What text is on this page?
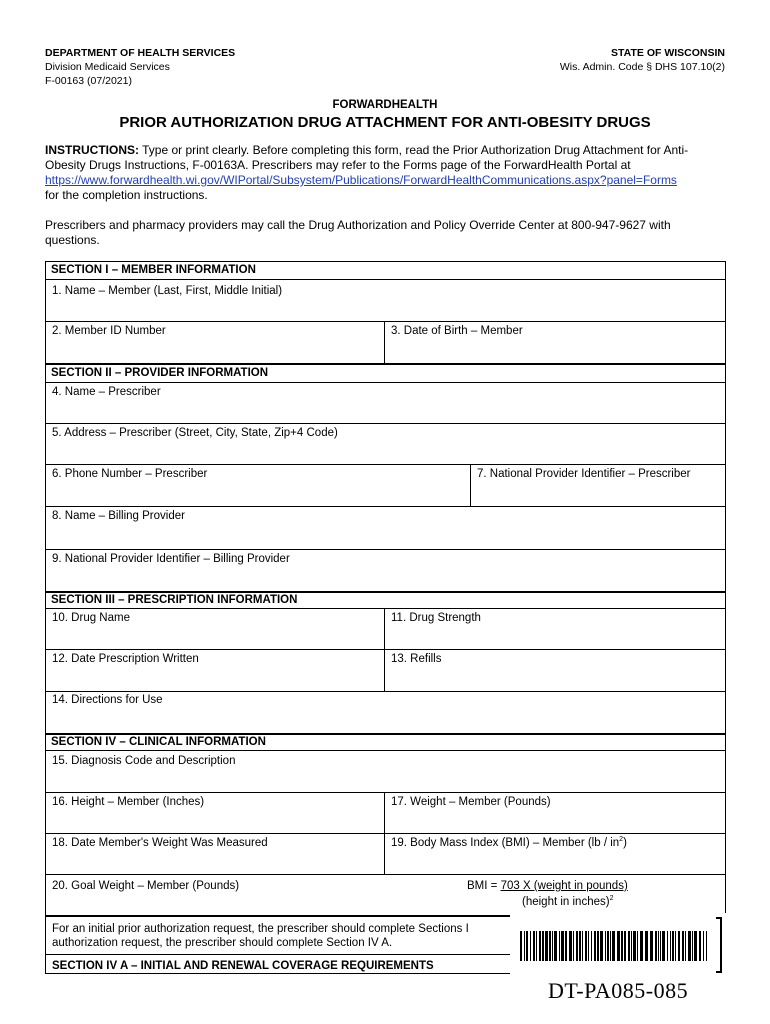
DEPARTMENT OF HEALTH SERVICES
Division Medicaid Services
F-00163 (07/2021)
STATE OF WISCONSIN
Wis. Admin. Code § DHS 107.10(2)
FORWARDHEALTH
PRIOR AUTHORIZATION DRUG ATTACHMENT FOR ANTI-OBESITY DRUGS
INSTRUCTIONS: Type or print clearly. Before completing this form, read the Prior Authorization Drug Attachment for Anti-
Obesity Drugs Instructions, F-00163A. Prescribers may refer to the Forms page of the ForwardHealth Portal at
https://www.forwardhealth.wi.gov/WIPortal/Subsystem/Publications/ForwardHealthCommunications.aspx?panel=Forms
for the completion instructions.
Prescribers and pharmacy providers may call the Drug Authorization and Policy Override Center at 800-947-9627 with
questions.
SECTION I – MEMBER INFORMATION
1. Name – Member (Last, First, Middle Initial)
2. Member ID Number	3. Date of Birth – Member
SECTION II – PROVIDER INFORMATION
4. Name – Prescriber
5. Address – Prescriber (Street, City, State, Zip+4 Code)
6. Phone Number – Prescriber	7. National Provider Identifier – Prescriber
8. Name – Billing Provider
9. National Provider Identifier – Billing Provider
SECTION III – PRESCRIPTION INFORMATION
10. Drug Name	11. Drug Strength
12. Date Prescription Written	13. Refills
14. Directions for Use
SECTION IV – CLINICAL INFORMATION
15. Diagnosis Code and Description
16. Height – Member (Inches)	17. Weight – Member (Pounds)
18. Date Member's Weight Was Measured	19. Body Mass Index (BMI) – Member $(lb / in^2)$
20. Goal Weight – Member (Pounds)	BMI = 703 X (weight in pounds)
(height in inches)$^2$
For an initial prior authorization request, the prescriber should complete Sections I
authorization request, the prescriber should complete Section IV A.
SECTION IV A – INITIAL AND RENEWAL COVERAGE REQUIREMENTS
DT-PA085-085
